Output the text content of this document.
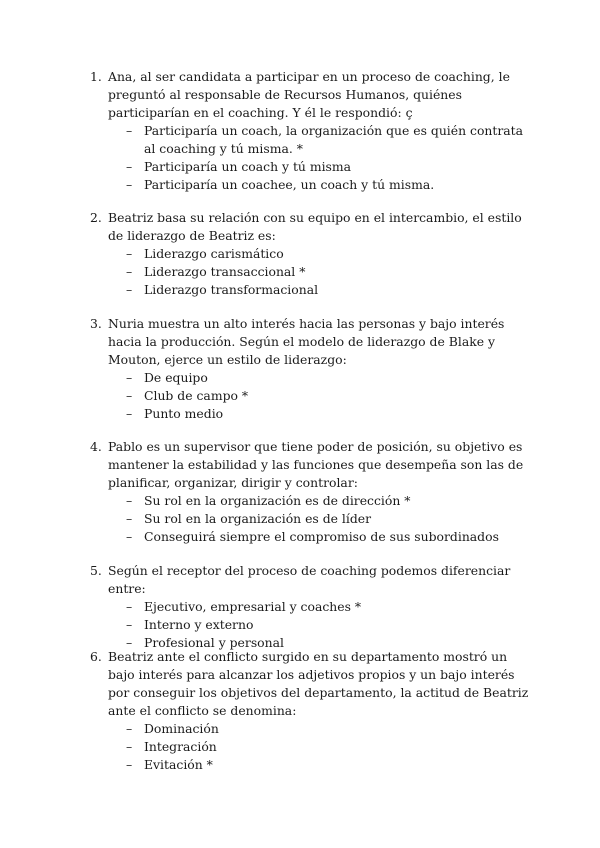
1. Ana, al ser candidata a participar en un proceso de coaching, le preguntó al responsable de Recursos Humanos, quiénes participarían en el coaching. Y él le respondió: ç
– Participaría un coach, la organización que es quién contrata al coaching y tú misma. *
– Participaría un coach y tú misma
– Participaría un coachee, un coach y tú misma.
2. Beatriz basa su relación con su equipo en el intercambio, el estilo de liderazgo de Beatriz es:
– Liderazgo carismático
– Liderazgo transaccional *
– Liderazgo transformacional
3. Nuria muestra un alto interés hacia las personas y bajo interés hacia la producción. Según el modelo de liderazgo de Blake y Mouton, ejerce un estilo de liderazgo:
– De equipo
– Club de campo *
– Punto medio
4. Pablo es un supervisor que tiene poder de posición, su objetivo es mantener la estabilidad y las funciones que desempeña son las de planificar, organizar, dirigir y controlar:
– Su rol en la organización es de dirección *
– Su rol en la organización es de líder
– Conseguirá siempre el compromiso de sus subordinados
5. Según el receptor del proceso de coaching podemos diferenciar entre:
– Ejecutivo, empresarial y coaches *
– Interno y externo
– Profesional y personal
6. Beatriz ante el conflicto surgido en su departamento mostró un bajo interés para alcanzar los adjetivos propios y un bajo interés por conseguir los objetivos del departamento, la actitud de Beatriz ante el conflicto se denomina:
– Dominación
– Integración
– Evitación *
